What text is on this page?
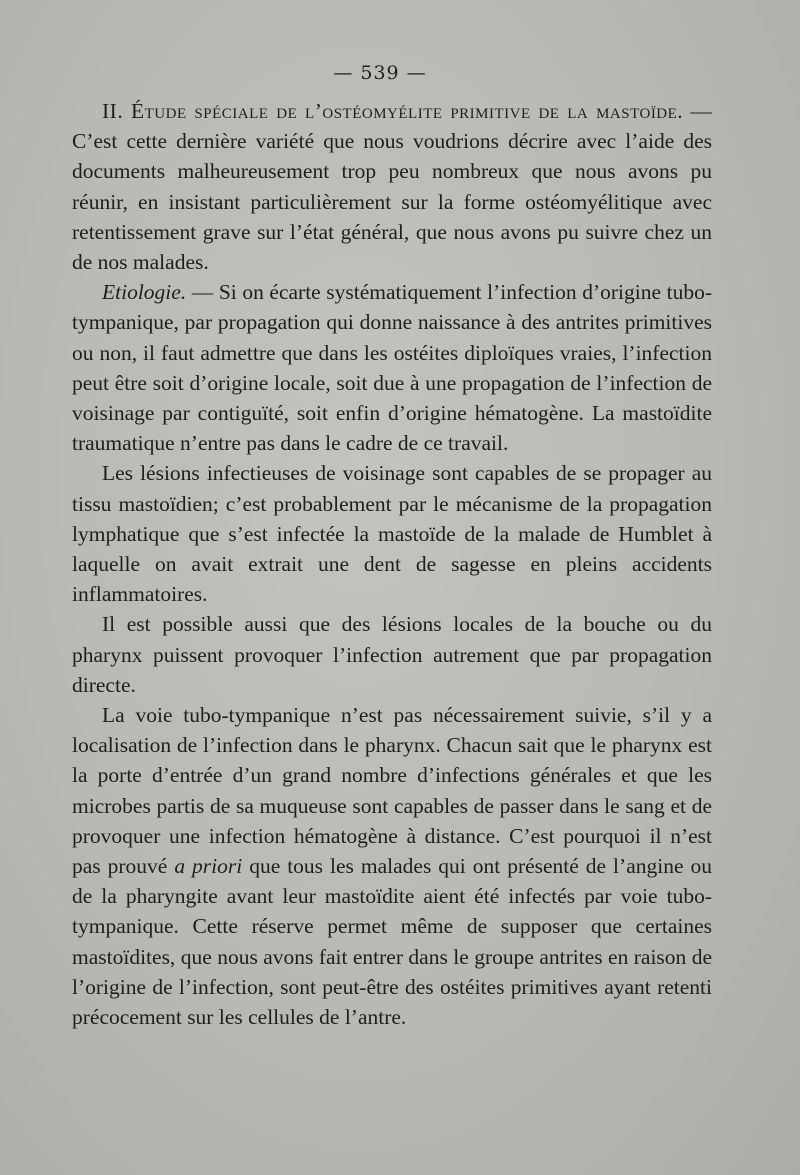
— 539 —

II. Étude spéciale de l’ostéomyélite primitive de la mastoïde. — C’est cette dernière variété que nous voudrions décrire avec l’aide des documents malheureusement trop peu nombreux que nous avons pu réunir, en insistant particulièrement sur la forme ostéomyélitique avec retentissement grave sur l’état général, que nous avons pu suivre chez un de nos malades.

Etiologie. — Si on écarte systématiquement l’infection d’origine tubo-tympanique, par propagation qui donne naissance à des antrites primitives ou non, il faut admettre que dans les ostéites diploïques vraies, l’infection peut être soit d’origine locale, soit due à une propagation de l’infection de voisinage par contiguïté, soit enfin d’origine hématogène. La mastoïdite traumatique n’entre pas dans le cadre de ce travail.

Les lésions infectieuses de voisinage sont capables de se propager au tissu mastoïdien; c’est probablement par le mécanisme de la propagation lymphatique que s’est infectée la mastoïde de la malade de Humblet à laquelle on avait extrait une dent de sagesse en pleins accidents inflammatoires.

Il est possible aussi que des lésions locales de la bouche ou du pharynx puissent provoquer l’infection autrement que par propagation directe.

La voie tubo-tympanique n’est pas nécessairement suivie, s’il y a localisation de l’infection dans le pharynx. Chacun sait que le pharynx est la porte d’entrée d’un grand nombre d’infections générales et que les microbes partis de sa muqueuse sont capables de passer dans le sang et de provoquer une infection hématogène à distance. C’est pourquoi il n’est pas prouvé a priori que tous les malades qui ont présenté de l’angine ou de la pharyngite avant leur mastoïdite aient été infectés par voie tubo-tympanique. Cette réserve permet même de supposer que certaines mastoïdites, que nous avons fait entrer dans le groupe antrites en raison de l’origine de l’infection, sont peut-être des ostéites primitives ayant retenti précocement sur les cellules de l’antre.
